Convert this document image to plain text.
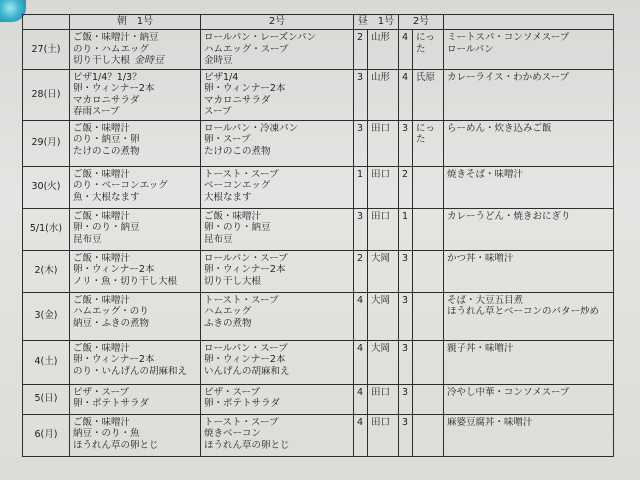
	朝　1号	2号	昼　1号		2号		
27(土)	ご飯・味噌汁・納豆
のり・ハムエッグ
切り干し大根 金時豆	ロールパン・レーズンパン
ハムエッグ・スープ
金時豆	2	山形	4	にった	ミートスパ・コンソメスープ
ロールパン

28(日)	ピザ1/4？1/3？
卵・ウィンナー2本
マカロニサラダ
春雨スープ	ピザ1/4
卵・ウィンナー2本
マカロニサラダ
スープ	3	山形	4	氏原	カレーライス・わかめスープ

29(月)	ご飯・味噌汁
のり・納豆・卵
たけのこの煮物	ロールパン・冷凍パン
卵・スープ
たけのこの煮物	3	田口	3	にった	らーめん・炊き込みご飯

30(火)	ご飯・味噌汁
のり・ベーコンエッグ
魚・大根なます	トースト・スープ
ベーコンエッグ
大根なます	1	田口	2		焼きそば・味噌汁

5/1(水)	ご飯・味噌汁
卵・のり・納豆
昆布豆	ご飯・味噌汁
卵・のり・納豆
昆布豆	3	田口	1		カレーうどん・焼きおにぎり

2(木)	ご飯・味噌汁
卵・ウィンナー2本
ノリ・魚・切り干し大根	ロールパン・スープ
卵・ウィンナー2本
切り干し大根	2	大岡	3		かつ丼・味噌汁

3(金)	ご飯・味噌汁
ハムエッグ・のり
納豆・ふきの煮物	トースト・スープ
ハムエッグ
ふきの煮物	4	大岡	3		そば・大豆五目煮
ほうれん草とベーコンのバター炒め

4(土)	ご飯・味噌汁
卵・ウィンナー2本
のり・いんげんの胡麻和え	ロールパン・スープ
卵・ウィンナー2本
いんげんの胡麻和え	4	大岡	3		親子丼・味噌汁

5(日)	ピザ・スープ
卵・ポテトサラダ	ピザ・スープ
卵・ポテトサラダ	4	田口	3		冷やし中華・コンソメスープ

6(月)	ご飯・味噌汁
納豆・のり・魚
ほうれん草の卵とじ	トースト・スープ
焼きベーコン
ほうれん草の卵とじ	4	田口	3		麻婆豆腐丼・味噌汁
